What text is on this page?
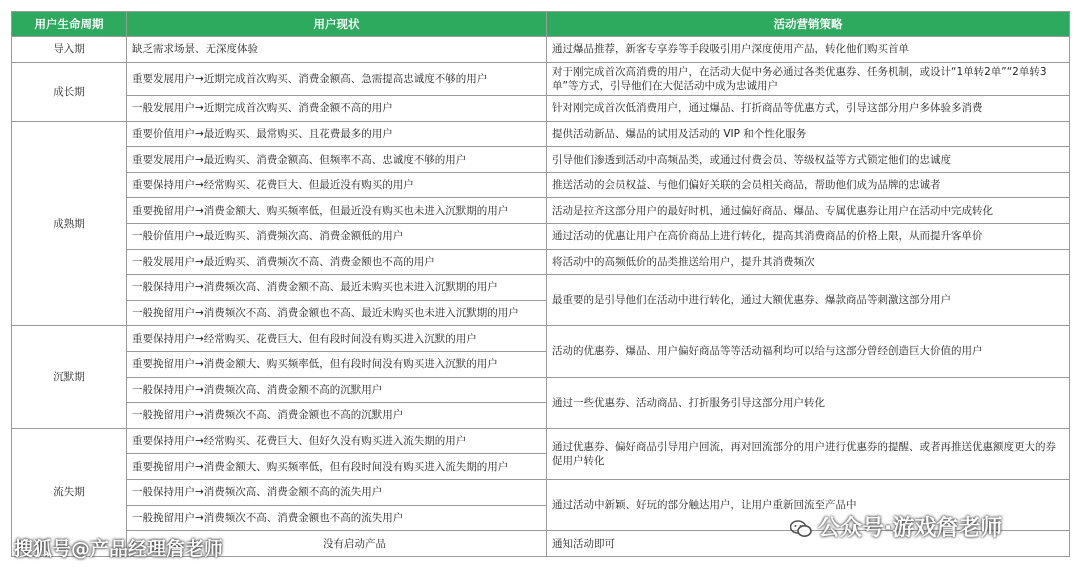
用户生命周期	用户现状	活动营销策略
导入期	缺乏需求场景、无深度体验	通过爆品推荐，新客专享券等手段吸引用户深度使用产品，转化他们购买首单
成长期	重要发展用户→近期完成首次购买、消费金额高、急需提高忠诚度不够的用户	对于刚完成首次高消费的用户，在活动大促中务必通过各类优惠券、任务机制，或设计“1单转2单”“2单转3单”等方式，引导他们在大促活动中成为忠诚用户
	一般发展用户→近期完成首次购买、消费金额不高的用户	针对刚完成首次低消费用户，通过爆品、打折商品等优惠方式，引导这部分用户多体验多消费
成熟期	重要价值用户→最近购买、最常购买、且花费最多的用户	提供活动新品、爆品的试用及活动的 VIP 和个性化服务
	重要发展用户→最近购买、消费金额高、但频率不高、忠诚度不够的用户	引导他们渗透到活动中高频品类，或通过付费会员、等级权益等方式锁定他们的忠诚度
	重要保持用户→经常购买、花费巨大、但最近没有购买的用户	推送活动的会员权益、与他们偏好关联的会员相关商品，帮助他们成为品牌的忠诚者
	重要挽留用户→消费金额大、购买频率低，但最近没有购买也未进入沉默期的用户	活动是拉齐这部分用户的最好时机，通过偏好商品、爆品、专属优惠券让用户在活动中完成转化
	一般价值用户→最近购买、消费频次高、消费金额低的用户	通过活动的优惠让用户在高价商品上进行转化，提高其消费商品的价格上限，从而提升客单价
	一般发展用户→最近购买、消费频次不高、消费金额也不高的用户	将活动中的高频低价的品类推送给用户，提升其消费频次
	一般保持用户→消费频次高、消费金额不高、最近未购买也未进入沉默期的用户	最重要的是引导他们在活动中进行转化，通过大额优惠券、爆款商品等刺激这部分用户
	一般挽留用户→消费频次不高、消费金额也不高、最近未购买也未进入沉默期的用户	
沉默期	重要保持用户→经常购买、花费巨大、但有段时间没有购买进入沉默的用户	活动的优惠券、爆品、用户偏好商品等等活动福利均可以给与这部分曾经创造巨大价值的用户
	重要挽留用户→消费金额大、购买频率低，但有段时间没有购买进入沉默的用户	
	一般保持用户→消费频次高、消费金额不高的沉默用户	通过一些优惠券、活动商品、打折服务引导这部分用户转化
	一般挽留用户→消费频次不高、消费金额也不高的沉默用户	
流失期	重要保持用户→经常购买、花费巨大、但好久没有购买进入流失期的用户	通过优惠券、偏好商品引导用户回流，再对回流部分的用户进行优惠券的提醒、或者再推送优惠额度更大的券促用户转化
	重要挽留用户→消费金额大、购买频率低，但有段时间没有购买进入流失期的用户	
	一般保持用户→消费频次高、消费金额不高的流失用户	通过活动中新颖、好玩的部分触达用户，让用户重新回流至产品中
	一般挽留用户→消费频次不高、消费金额也不高的流失用户	
	没有启动产品	通知活动即可
搜狐号@产品经理詹老师
公众号·游戏詹老师
